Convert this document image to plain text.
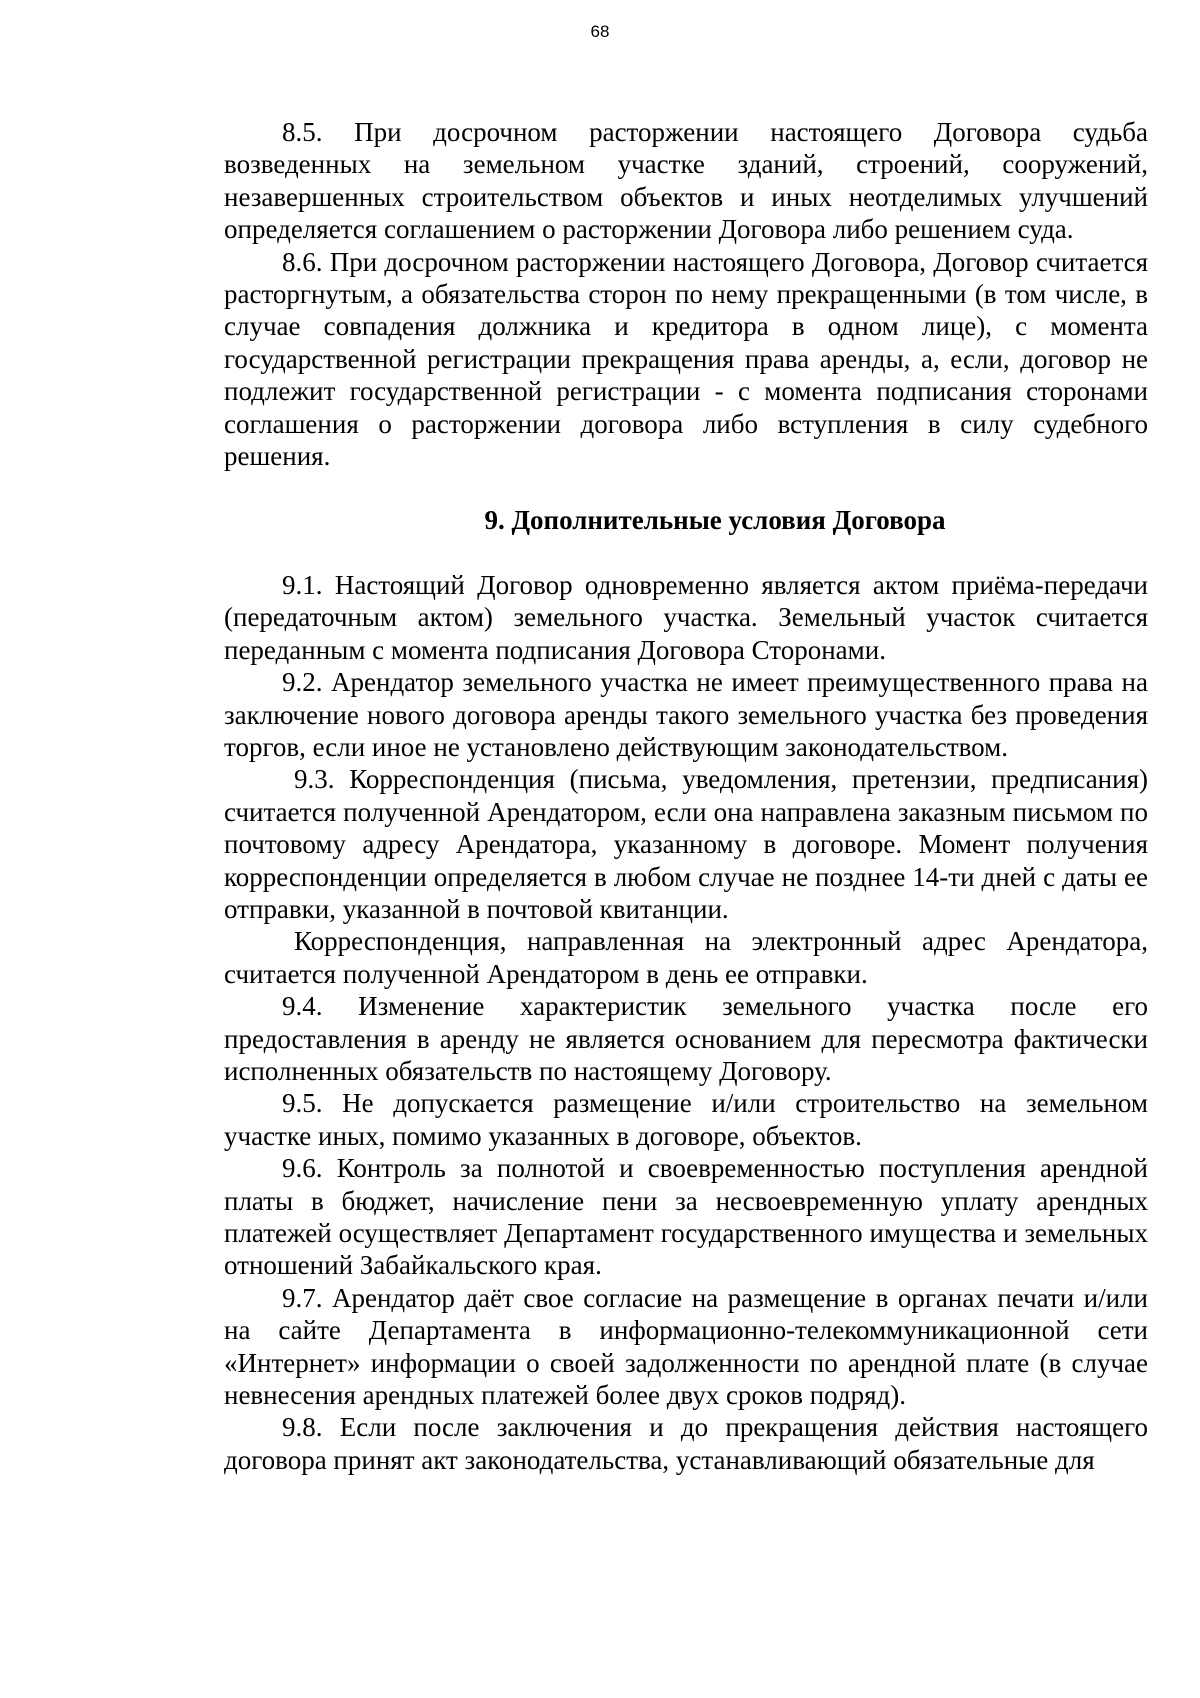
68

8.5. При досрочном расторжении настоящего Договора судьба возведенных на земельном участке зданий, строений, сооружений, незавершенных строительством объектов и иных неотделимых улучшений определяется соглашением о расторжении Договора либо решением суда.

8.6. При досрочном расторжении настоящего Договора, Договор считается расторгнутым, а обязательства сторон по нему прекращенными (в том числе, в случае совпадения должника и кредитора в одном лице), с момента государственной регистрации прекращения права аренды, а, если, договор не подлежит государственной регистрации - с момента подписания сторонами соглашения о расторжении договора либо вступления в силу судебного решения.

9. Дополнительные условия Договора

9.1. Настоящий Договор одновременно является актом приёма-передачи (передаточным актом) земельного участка. Земельный участок считается переданным с момента подписания Договора Сторонами.

9.2. Арендатор земельного участка не имеет преимущественного права на заключение нового договора аренды такого земельного участка без проведения торгов, если иное не установлено действующим законодательством.

9.3. Корреспонденция (письма, уведомления, претензии, предписания) считается полученной Арендатором, если она направлена заказным письмом по почтовому адресу Арендатора, указанному в договоре. Момент получения корреспонденции определяется в любом случае не позднее 14-ти дней с даты ее отправки, указанной в почтовой квитанции.

Корреспонденция, направленная на электронный адрес Арендатора, считается полученной Арендатором в день ее отправки.

9.4. Изменение характеристик земельного участка после его предоставления в аренду не является основанием для пересмотра фактически исполненных обязательств по настоящему Договору.

9.5. Не допускается размещение и/или строительство на земельном участке иных, помимо указанных в договоре, объектов.

9.6. Контроль за полнотой и своевременностью поступления арендной платы в бюджет, начисление пени за несвоевременную уплату арендных платежей осуществляет Департамент государственного имущества и земельных отношений Забайкальского края.

9.7. Арендатор даёт свое согласие на размещение в органах печати и/или на сайте Департамента в информационно-телекоммуникационной сети «Интернет» информации о своей задолженности по арендной плате (в случае невнесения арендных платежей более двух сроков подряд).

9.8. Если после заключения и до прекращения действия настоящего договора принят акт законодательства, устанавливающий обязательные для
